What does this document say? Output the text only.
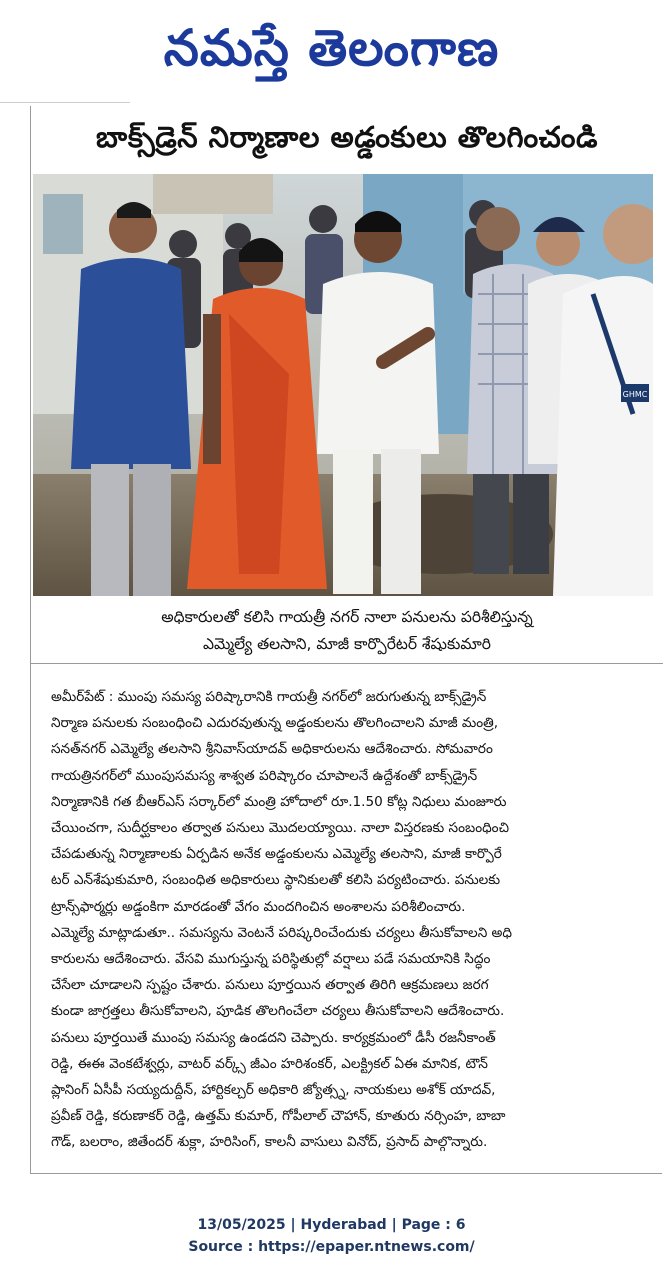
నమస్తే తెలంగాణ
బాక్స్‌డ్రెన్ నిర్మాణాల అడ్డంకులు తొలగించండి
GHMC
అధికారులతో కలిసి గాయత్రీ నగర్ నాలా పనులను పరిశీలిస్తున్న
ఎమ్మెల్యే తలసాని, మాజీ కార్పొరేటర్ శేషుకుమారి
అమీర్‌పేట్ : ముంపు సమస్య పరిష్కారానికి గాయత్రీ నగర్‌లో జరుగుతున్న బాక్స్‌డ్రైన్
నిర్మాణ పనులకు సంబంధించి ఎదురవుతున్న అడ్డంకులను తొలగించాలని మాజీ మంత్రి,
సనత్‌నగర్ ఎమ్మెల్యే తలసాని శ్రీనివాస్‌యాదవ్ అధికారులను ఆదేశించారు. సోమవారం
గాయత్రినగర్‌లో ముంపుసమస్య శాశ్వత పరిష్కారం చూపాలనే ఉద్దేశంతో బాక్స్‌డ్రైన్
నిర్మాణానికి గత బీఆర్‌ఎస్ సర్కార్‌లో మంత్రి హోదాలో రూ.1.50 కోట్ల నిధులు మంజూరు
చేయించగా, సుదీర్ఘకాలం తర్వాత పనులు మొదలయ్యాయి. నాలా విస్తరణకు సంబంధించి
చేపడుతున్న నిర్మాణాలకు ఏర్పడిన అనేక అడ్డంకులను ఎమ్మెల్యే తలసాని, మాజీ కార్పొరే
టర్ ఎన్‌శేషుకుమారి, సంబంధిత అధికారులు స్థానికులతో కలిసి పర్యటించారు. పనులకు
ట్రాన్స్‌ఫార్మర్లు అడ్డంకిగా మారడంతో వేగం మందగించిన అంశాలను పరిశీలించారు.
ఎమ్మెల్యే మాట్లాడుతూ.. సమస్యను వెంటనే పరిష్కరించేందుకు చర్యలు తీసుకోవాలని అధి
కారులను ఆదేశించారు. వేసవి ముగుస్తున్న పరిస్థితుల్లో వర్షాలు పడే సమయానికి సిద్ధం
చేసేలా చూడాలని స్పష్టం చేశారు. పనులు పూర్తయిన తర్వాత తిరిగి ఆక్రమణలు జరగ
కుండా జాగ్రత్తలు తీసుకోవాలని, పూడిక తొలగించేలా చర్యలు తీసుకోవాలని ఆదేశించారు.
పనులు పూర్తయితే ముంపు సమస్య ఉండదని చెప్పారు. కార్యక్రమంలో డీసీ రజనీకాంత్
రెడ్డి, ఈఈ వెంకటేశ్వర్లు, వాటర్ వర్క్స్ జీఎం హరిశంకర్, ఎలక్ట్రికల్ ఏఈ మానిక, టౌన్
ప్లానింగ్ ఏసీపీ సయ్యదుద్దీన్, హార్టికల్చర్ అధికారి జ్యోత్స్న, నాయకులు అశోక్ యాదవ్,
ప్రవీణ్ రెడ్డి, కరుణాకర్ రెడ్డి, ఉత్తమ్ కుమార్, గోపీలాల్ చౌహాన్, కూతురు నర్సింహ, బాబా
గౌడ్, బలరాం, జితేందర్ శుక్లా, హరిసింగ్, కాలనీ వాసులు వినోద్, ప్రసాద్ పాల్గొన్నారు.
13/05/2025 | Hyderabad | Page : 6
Source : https://epaper.ntnews.com/
